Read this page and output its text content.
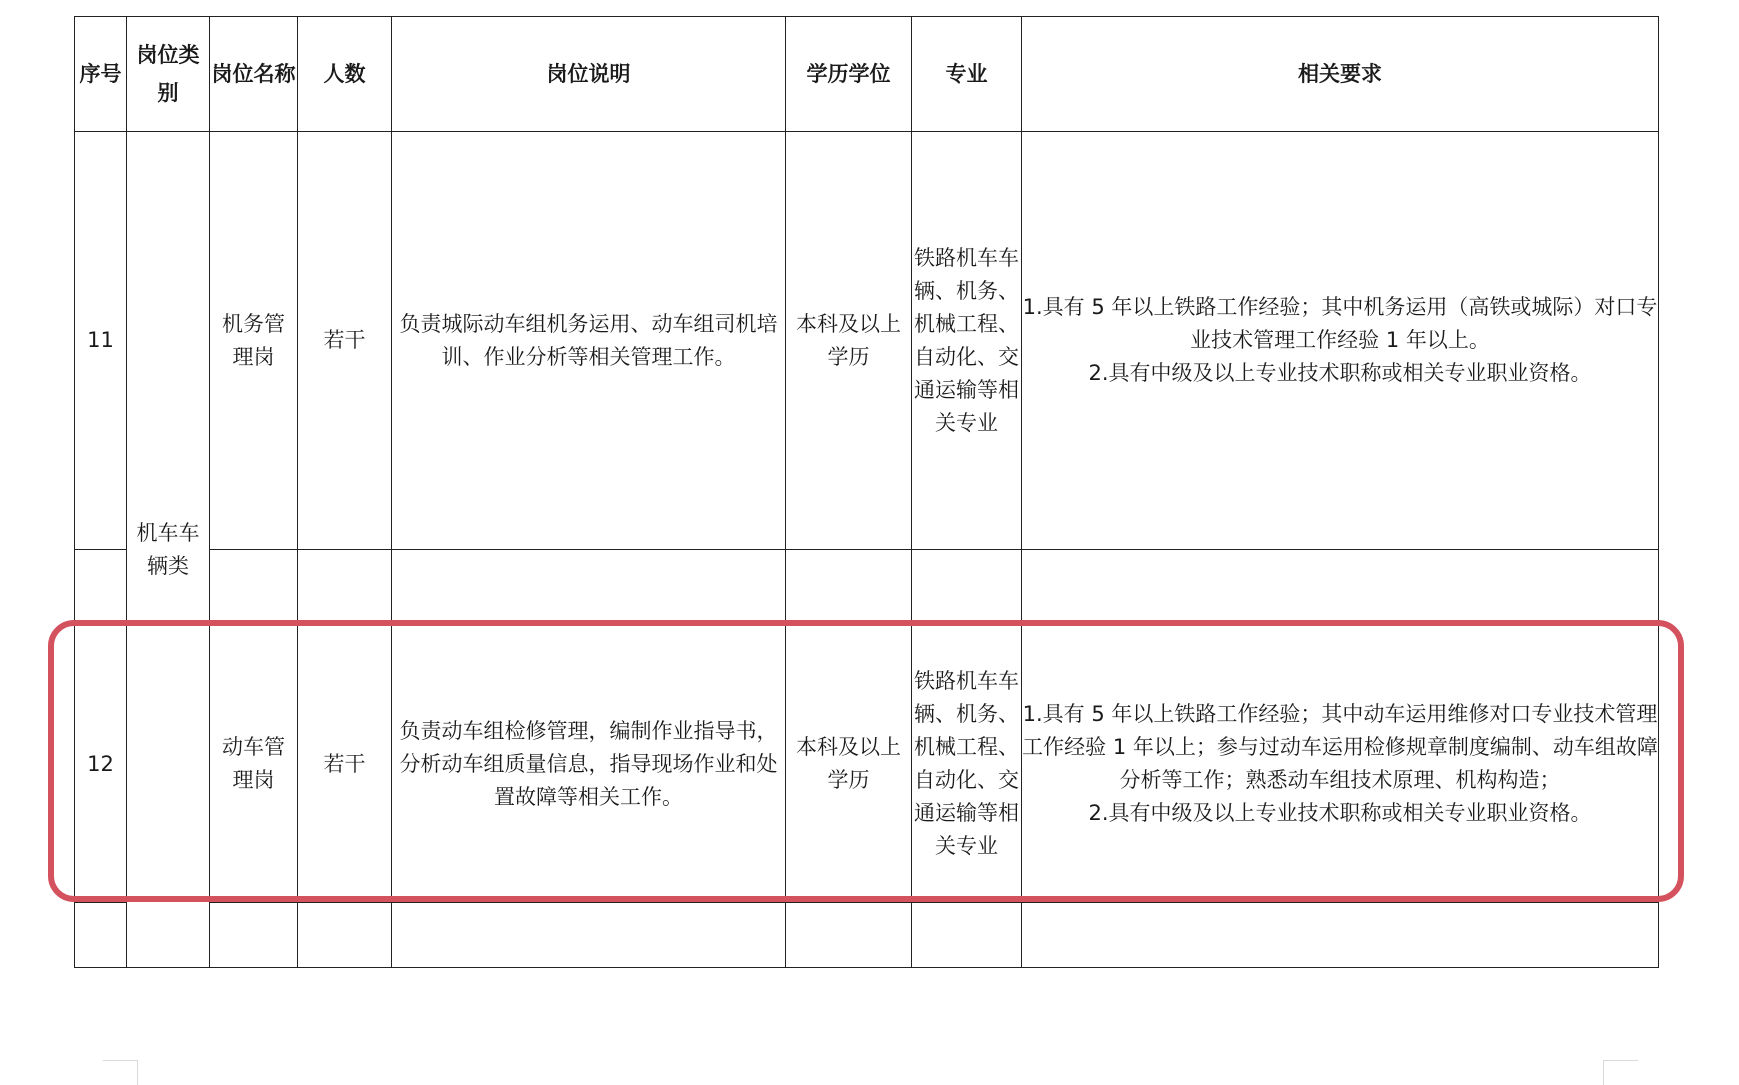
序号	岗位类别	岗位名称	人数	岗位说明	学历学位	专业	相关要求
11	机车车辆类	机务管理岗	若干	负责城际动车组机务运用、动车组司机培训、作业分析等相关管理工作。	本科及以上学历	铁路机车车辆、机务、机械工程、自动化、交通运输等相关专业	1.具有 5 年以上铁路工作经验；其中机务运用（高铁或城际）对口专业技术管理工作经验 1 年以上。
2.具有中级及以上专业技术职称或相关专业职业资格。

12		动车管理岗	若干	负责动车组检修管理，编制作业指导书，分析动车组质量信息，指导现场作业和处置故障等相关工作。	本科及以上学历	铁路机车车辆、机务、机械工程、自动化、交通运输等相关专业	1.具有 5 年以上铁路工作经验；其中动车运用维修对口专业技术管理工作经验 1 年以上；参与过动车运用检修规章制度编制、动车组故障分析等工作；熟悉动车组技术原理、机构构造；
2.具有中级及以上专业技术职称或相关专业职业资格。
